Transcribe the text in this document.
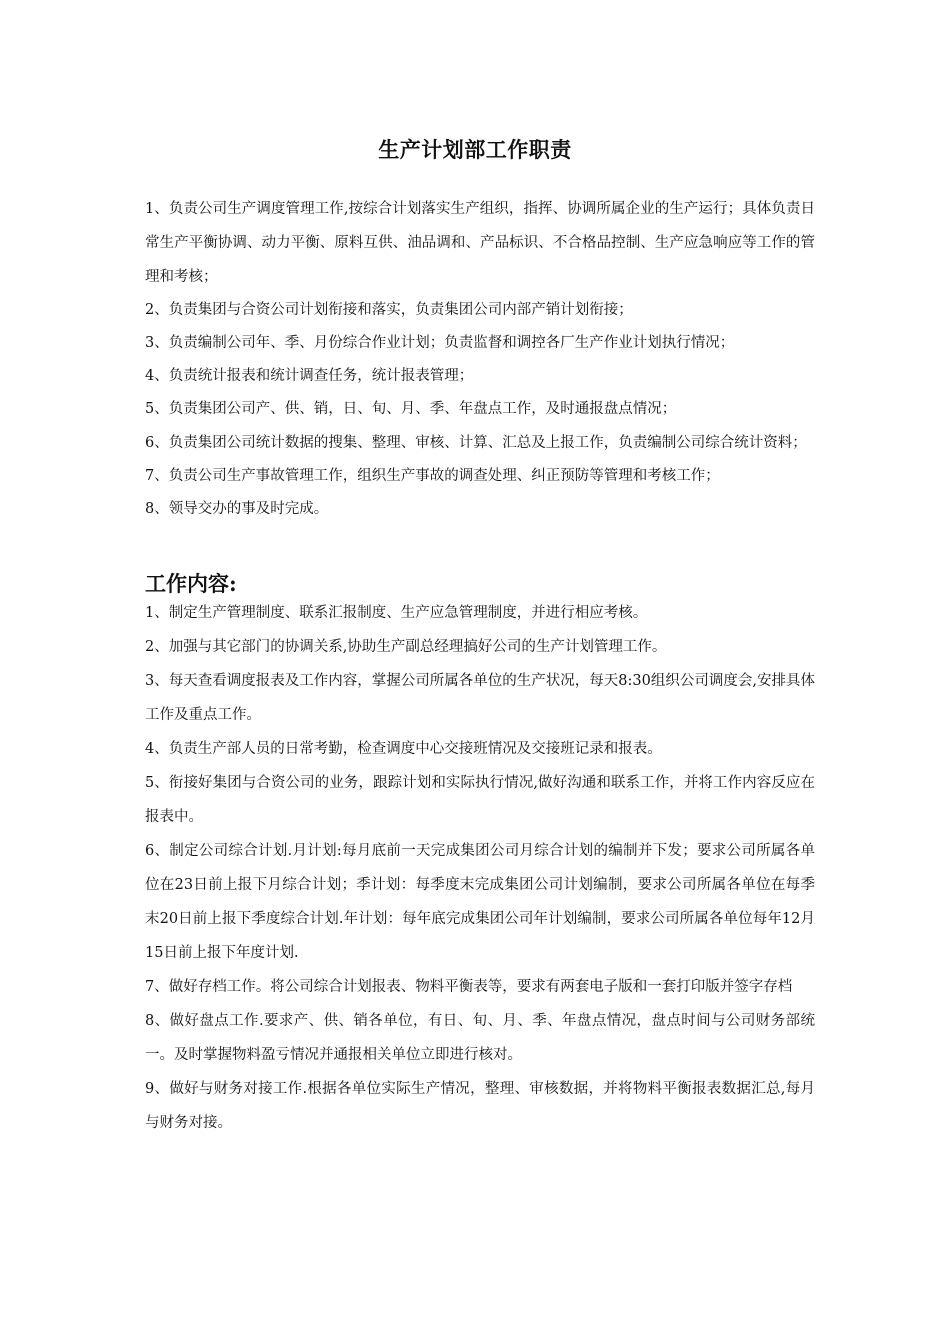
生产计划部工作职责
1、负责公司生产调度管理工作,按综合计划落实生产组织，指挥、协调所属企业的生产运行；具体负责日常生产平衡协调、动力平衡、原料互供、油品调和、产品标识、不合格品控制、生产应急响应等工作的管理和考核；
2、负责集团与合资公司计划衔接和落实，负责集团公司内部产销计划衔接；
3、负责编制公司年、季、月份综合作业计划；负责监督和调控各厂生产作业计划执行情况；
4、负责统计报表和统计调查任务，统计报表管理；
5、负责集团公司产、供、销，日、旬、月、季、年盘点工作，及时通报盘点情况；
6、负责集团公司统计数据的搜集、整理、审核、计算、汇总及上报工作，负责编制公司综合统计资料；
7、负责公司生产事故管理工作，组织生产事故的调查处理、纠正预防等管理和考核工作；
8、领导交办的事及时完成。
工作内容:
1、制定生产管理制度、联系汇报制度、生产应急管理制度，并进行相应考核。
2、加强与其它部门的协调关系,协助生产副总经理搞好公司的生产计划管理工作。
3、每天查看调度报表及工作内容，掌握公司所属各单位的生产状况，每天8:30组织公司调度会,安排具体工作及重点工作。
4、负责生产部人员的日常考勤，检查调度中心交接班情况及交接班记录和报表。
5、衔接好集团与合资公司的业务，跟踪计划和实际执行情况,做好沟通和联系工作，并将工作内容反应在报表中。
6、制定公司综合计划.月计划:每月底前一天完成集团公司月综合计划的编制并下发；要求公司所属各单位在23日前上报下月综合计划；季计划：每季度末完成集团公司计划编制，要求公司所属各单位在每季末20日前上报下季度综合计划.年计划：每年底完成集团公司年计划编制，要求公司所属各单位每年12月15日前上报下年度计划.
7、做好存档工作。将公司综合计划报表、物料平衡表等，要求有两套电子版和一套打印版并签字存档
8、做好盘点工作.要求产、供、销各单位，有日、旬、月、季、年盘点情况，盘点时间与公司财务部统一。及时掌握物料盈亏情况并通报相关单位立即进行核对。
9、做好与财务对接工作.根据各单位实际生产情况，整理、审核数据，并将物料平衡报表数据汇总,每月与财务对接。
